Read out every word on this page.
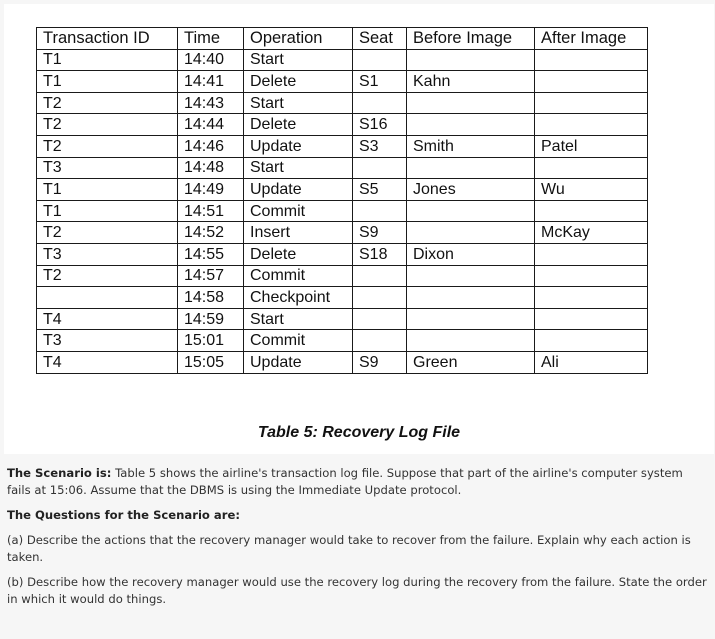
Transaction ID	Time	Operation	Seat	Before Image	After Image
T1	14:40	Start			
T1	14:41	Delete	S1	Kahn	
T2	14:43	Start			
T2	14:44	Delete	S16		
T2	14:46	Update	S3	Smith	Patel
T3	14:48	Start			
T1	14:49	Update	S5	Jones	Wu
T1	14:51	Commit			
T2	14:52	Insert	S9		McKay
T3	14:55	Delete	S18	Dixon	
T2	14:57	Commit			
	14:58	Checkpoint			
T4	14:59	Start			
T3	15:01	Commit			
T4	15:05	Update	S9	Green	Ali
Table 5: Recovery Log File

The Scenario is: Table 5 shows the airline's transaction log file. Suppose that part of the airline's computer system fails at 15:06. Assume that the DBMS is using the Immediate Update protocol.

The Questions for the Scenario are:

(a) Describe the actions that the recovery manager would take to recover from the failure. Explain why each action is taken.

(b) Describe how the recovery manager would use the recovery log during the recovery from the failure. State the order in which it would do things.
